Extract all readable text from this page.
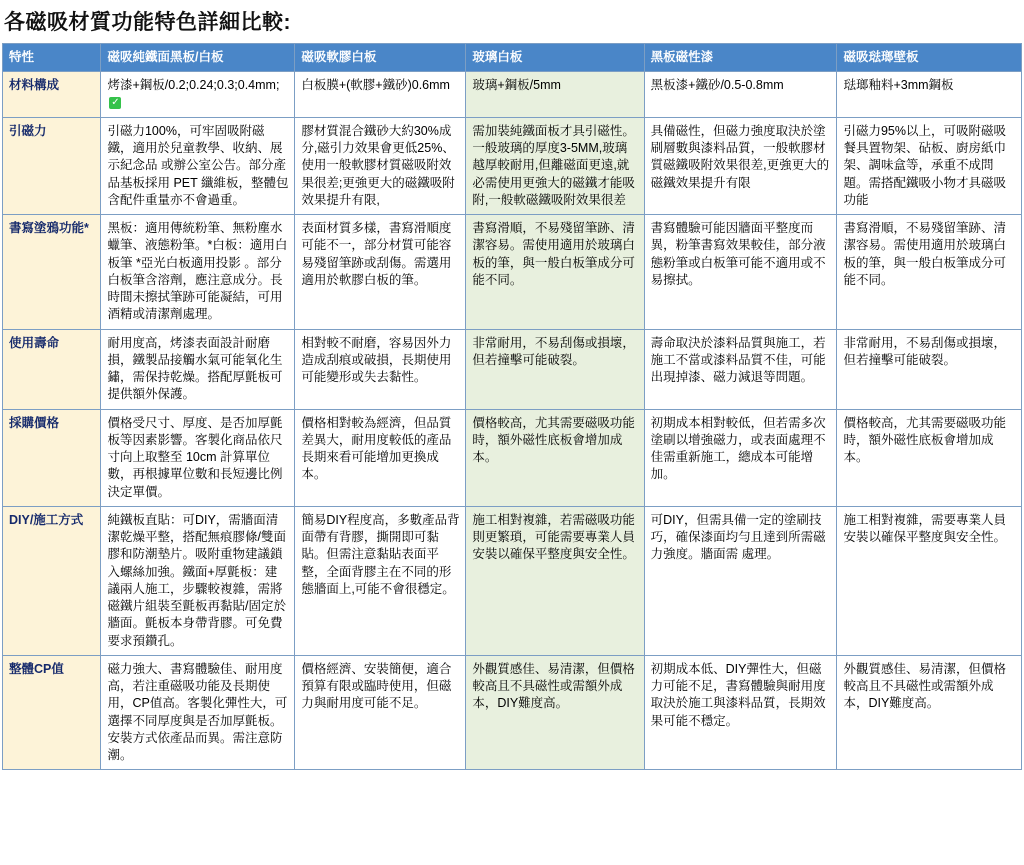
各磁吸材質功能特色詳細比較:
特性	磁吸純鐵面黑板/白板	磁吸軟膠白板	玻璃白板	黑板磁性漆	磁吸琺瑯壁板
材料構成	烤漆+鋼板/0.2;0.24;0.3;0.4mm;✓	白板膜+(軟膠+鐵砂)0.6mm	玻璃+鋼板/5mm	黑板漆+鐵砂/0.5-0.8mm	琺瑯釉料+3mm鋼板
引磁力	引磁力100%，可牢固吸附磁鐵，適用於兒童教學、收納、展示紀念品 或辦公室公告。部分產品基板採用 PET 纖維板，整體包含配件重量亦不會過重。	膠材質混合鐵砂大約30%成分,磁引力效果會更低25%、使用一般軟膠材質磁吸附效果很差;更強更大的磁鐵吸附效果提升有限,	需加裝純鐵面板才具引磁性。一般玻璃的厚度3-5MM,玻璃越厚較耐用,但離磁面更遠,就必需使用更強大的磁鐵才能吸附,一般軟磁鐵吸附效果很差	具備磁性，但磁力強度取決於塗刷層數與漆料品質，一般軟膠材質磁鐵吸附效果很差,更強更大的磁鐵效果提升有限	引磁力95%以上，可吸附磁吸餐具置物架、砧板、廚房紙巾架、調味盒等，承重不成問題。需搭配鐵吸小物才具磁吸功能
書寫塗鴉功能*	黑板：適用傳統粉筆、無粉塵水蠟筆、液態粉筆。*白板：適用白板筆 *亞光白板適用投影 。部分白板筆含溶劑，應注意成分。長時間未擦拭筆跡可能凝結，可用酒精或清潔劑處理。	表面材質多樣，書寫滑順度可能不一，部分材質可能容易殘留筆跡或刮傷。需選用適用於軟膠白板的筆。	書寫滑順，不易殘留筆跡、清潔容易。需使用適用於玻璃白板的筆，與一般白板筆成分可能不同。	書寫體驗可能因牆面平整度而異，粉筆書寫效果較佳，部分液態粉筆或白板筆可能不適用或不易擦拭。	書寫滑順，不易殘留筆跡、清潔容易。需使用適用於玻璃白板的筆，與一般白板筆成分可能不同。
使用壽命	耐用度高，烤漆表面設計耐磨損，鐵製品接觸水氣可能氧化生鏽，需保持乾燥。搭配厚氈板可提供額外保護。	相對較不耐磨，容易因外力造成刮痕或破損，長期使用可能變形或失去黏性。	非常耐用，不易刮傷或損壞，但若撞擊可能破裂。	壽命取決於漆料品質與施工，若施工不當或漆料品質不佳，可能出現掉漆、磁力減退等問題。	非常耐用，不易刮傷或損壞，但若撞擊可能破裂。
採購價格	價格受尺寸、厚度、是否加厚氈板等因素影響。客製化商品依尺寸向上取整至 10cm 計算單位數，再根據單位數和長短邊比例決定單價。	價格相對較為經濟，但品質差異大，耐用度較低的產品長期來看可能增加更換成本。	價格較高，尤其需要磁吸功能時，額外磁性底板會增加成本。	初期成本相對較低，但若需多次塗刷以增強磁力，或表面處理不佳需重新施工，總成本可能增加。	價格較高，尤其需要磁吸功能時，額外磁性底板會增加成本。
DIY/施工方式	純鐵板直貼：可DIY，需牆面清潔乾燥平整，搭配無痕膠條/雙面膠和防潮墊片。吸附重物建議鎖入螺絲加強。鐵面+厚氈板：建議兩人施工，步驟較複雜，需將磁鐵片組裝至氈板再黏貼/固定於牆面。氈板本身帶背膠。可免費要求預鑽孔。	簡易DIY程度高，多數產品背面帶有背膠，撕開即可黏貼。但需注意黏貼表面平整，全面背膠主在不同的形態牆面上,可能不會很穩定。	施工相對複雜，若需磁吸功能則更繁瑣，可能需要專業人員安裝以確保平整度與安全性。	可DIY，但需具備一定的塗刷技巧，確保漆面均勻且達到所需磁力強度。牆面需 處理。	施工相對複雜，需要專業人員安裝以確保平整度與安全性。
整體CP值	磁力強大、書寫體驗佳、耐用度高，若注重磁吸功能及長期使用，CP值高。客製化彈性大，可選擇不同厚度與是否加厚氈板。安裝方式依產品而異。需注意防潮。	價格經濟、安裝簡便，適合預算有限或臨時使用，但磁力與耐用度可能不足。	外觀質感佳、易清潔，但價格較高且不具磁性或需額外成本，DIY難度高。	初期成本低、DIY彈性大，但磁力可能不足，書寫體驗與耐用度取決於施工與漆料品質，長期效果可能不穩定。	外觀質感佳、易清潔，但價格較高且不具磁性或需額外成本，DIY難度高。
